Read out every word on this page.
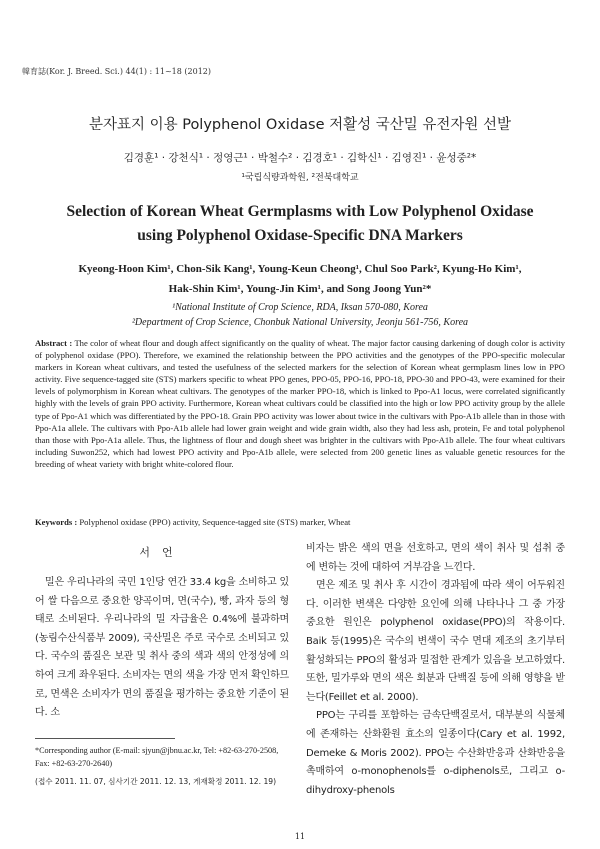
韓育誌(Kor. J. Breed. Sci.) 44(1) : 11~18 (2012)
분자표지 이용 Polyphenol Oxidase 저활성 국산밀 유전자원 선발
김경훈¹ · 강천식¹ · 정영근¹ · 박철수² · 김경호¹ · 김학신¹ · 김영진¹ · 윤성중²*
¹국립식량과학원, ²전북대학교
Selection of Korean Wheat Germplasms with Low Polyphenol Oxidase
using Polyphenol Oxidase-Specific DNA Markers
Kyeong-Hoon Kim¹, Chon-Sik Kang¹, Young-Keun Cheong¹, Chul Soo Park², Kyung-Ho Kim¹,
Hak-Shin Kim¹, Young-Jin Kim¹, and Song Joong Yun²*
¹National Institute of Crop Science, RDA, Iksan 570-080, Korea
²Department of Crop Science, Chonbuk National University, Jeonju 561-756, Korea
Abstract : The color of wheat flour and dough affect significantly on the quality of wheat. The major factor causing darkening of dough color is activity of polyphenol oxidase (PPO). Therefore, we examined the relationship between the PPO activities and the genotypes of the PPO-specific molecular markers in Korean wheat cultivars, and tested the usefulness of the selected markers for the selection of Korean wheat germplasm lines low in PPO activity. Five sequence-tagged site (STS) markers specific to wheat PPO genes, PPO-05, PPO-16, PPO-18, PPO-30 and PPO-43, were examined for their levels of polymorphism in Korean wheat cultivars. The genotypes of the marker PPO-18, which is linked to Ppo-A1 locus, were correlated significantly highly with the levels of grain PPO activity. Furthermore, Korean wheat cultivars could be classified into the high or low PPO activity group by the allele type of Ppo-A1 which was differentiated by the PPO-18. Grain PPO activity was lower about twice in the cultivars with Ppo-A1b allele than in those with Ppo-A1a allele. The cultivars with Ppo-A1b allele had lower grain weight and wide grain width, also they had less ash, protein, Fe and total polyphenol than those with Ppo-A1a allele. Thus, the lightness of flour and dough sheet was brighter in the cultivars with Ppo-A1b allele. The four wheat cultivars including Suwon252, which had lowest PPO activity and Ppo-A1b allele, were selected from 200 genetic lines as valuable genetic resources for the breeding of wheat variety with bright white-colored flour.
Keywords : Polyphenol oxidase (PPO) activity, Sequence-tagged site (STS) marker, Wheat
서언

밀은 우리나라의 국민 1인당 연간 33.4 kg을 소비하고 있어 쌀 다음으로 중요한 양곡이며, 면(국수), 빵, 과자 등의 형태로 소비된다. 우리나라의 밀 자급율은 0.4%에 불과하며(농림수산식품부 2009), 국산밀은 주로 국수로 소비되고 있다. 국수의 품질은 보관 및 취사 중의 색과 색의 안정성에 의하여 크게 좌우된다. 소비자는 면의 색을 가장 먼저 확인하므로, 면색은 소비자가 면의 품질을 평가하는 중요한 기준이 된다. 소

비자는 밝은 색의 면을 선호하고, 면의 색이 취사 및 섭취 중에 변하는 것에 대하여 거부감을 느낀다.

면은 제조 및 취사 후 시간이 경과됨에 따라 색이 어두워진다. 이러한 변색은 다양한 요인에 의해 나타나나 그 중 가장 중요한 원인은 polyphenol oxidase(PPO)의 작용이다. Baik 등(1995)은 국수의 변색이 국수 면대 제조의 초기부터 활성화되는 PPO의 활성과 밀접한 관계가 있음을 보고하였다. 또한, 밀가루와 면의 색은 회분과 단백질 등에 의해 영향을 받는다(Feillet et al. 2000).

PPO는 구리를 포함하는 금속단백질로서, 대부분의 식물체에 존재하는 산화환원 효소의 일종이다(Cary et al. 1992, Demeke & Moris 2002). PPO는 수산화반응과 산화반응을 촉매하여 o-monophenols를 o-diphenols로, 그리고 o-dihydroxy-phenols

*Corresponding author (E-mail: sjyun@jbnu.ac.kr, Tel: +82-63-270-2508, Fax: +82-63-270-2640)
(접수 2011. 11. 07, 심사기간 2011. 12. 13, 게재확정 2011. 12. 19)
11
